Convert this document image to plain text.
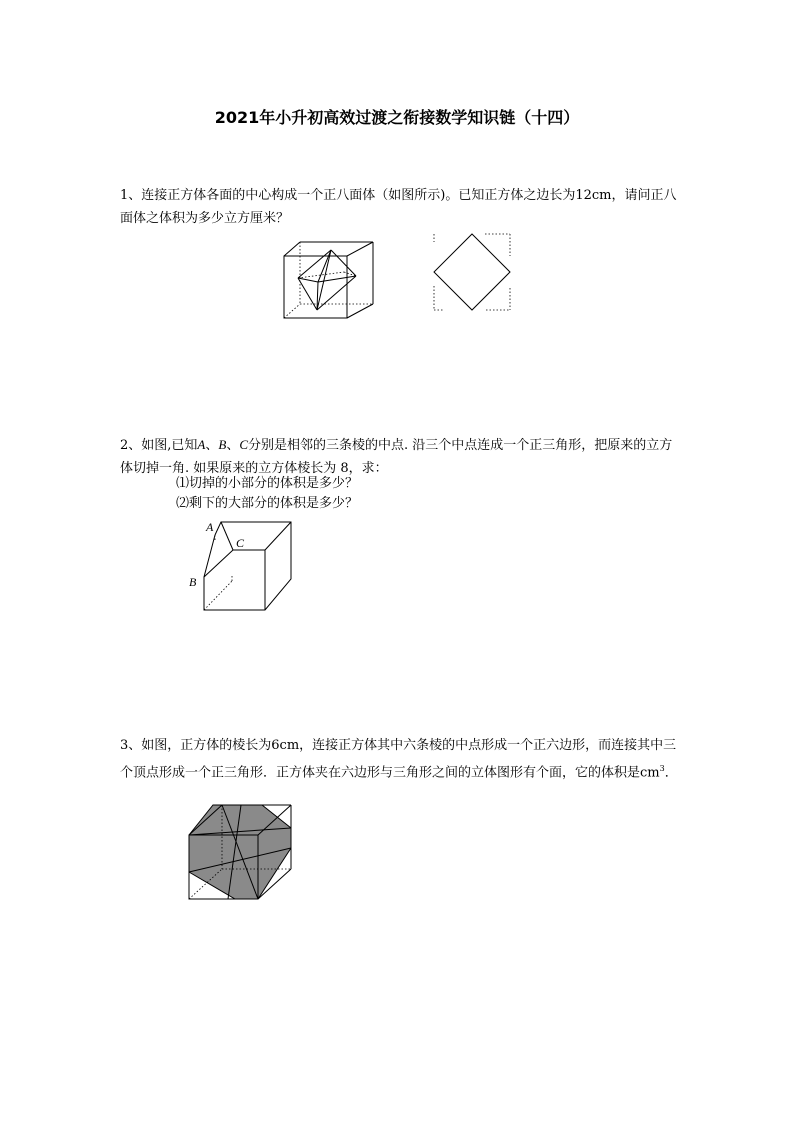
2021年小升初高效过渡之衔接数学知识链（十四）
1、连接正方体各面的中心构成一个正八面体（如图所示)。已知正方体之边长为12cm，请问正八面体之体积为多少立方厘米？
2、如图,已知A、B、C分别是相邻的三条棱的中点. 沿三个中点连成一个正三角形，把原来的立方体切掉一角. 如果原来的立方体棱长为 8，求：
⑴切掉的小部分的体积是多少？
⑵剩下的大部分的体积是多少？
A
B
C
3、如图，正方体的棱长为6cm，连接正方体其中六条棱的中点形成一个正六边形，而连接其中三个顶点形成一个正三角形．正方体夹在六边形与三角形之间的立体图形有个面，它的体积是$cm^3$．
